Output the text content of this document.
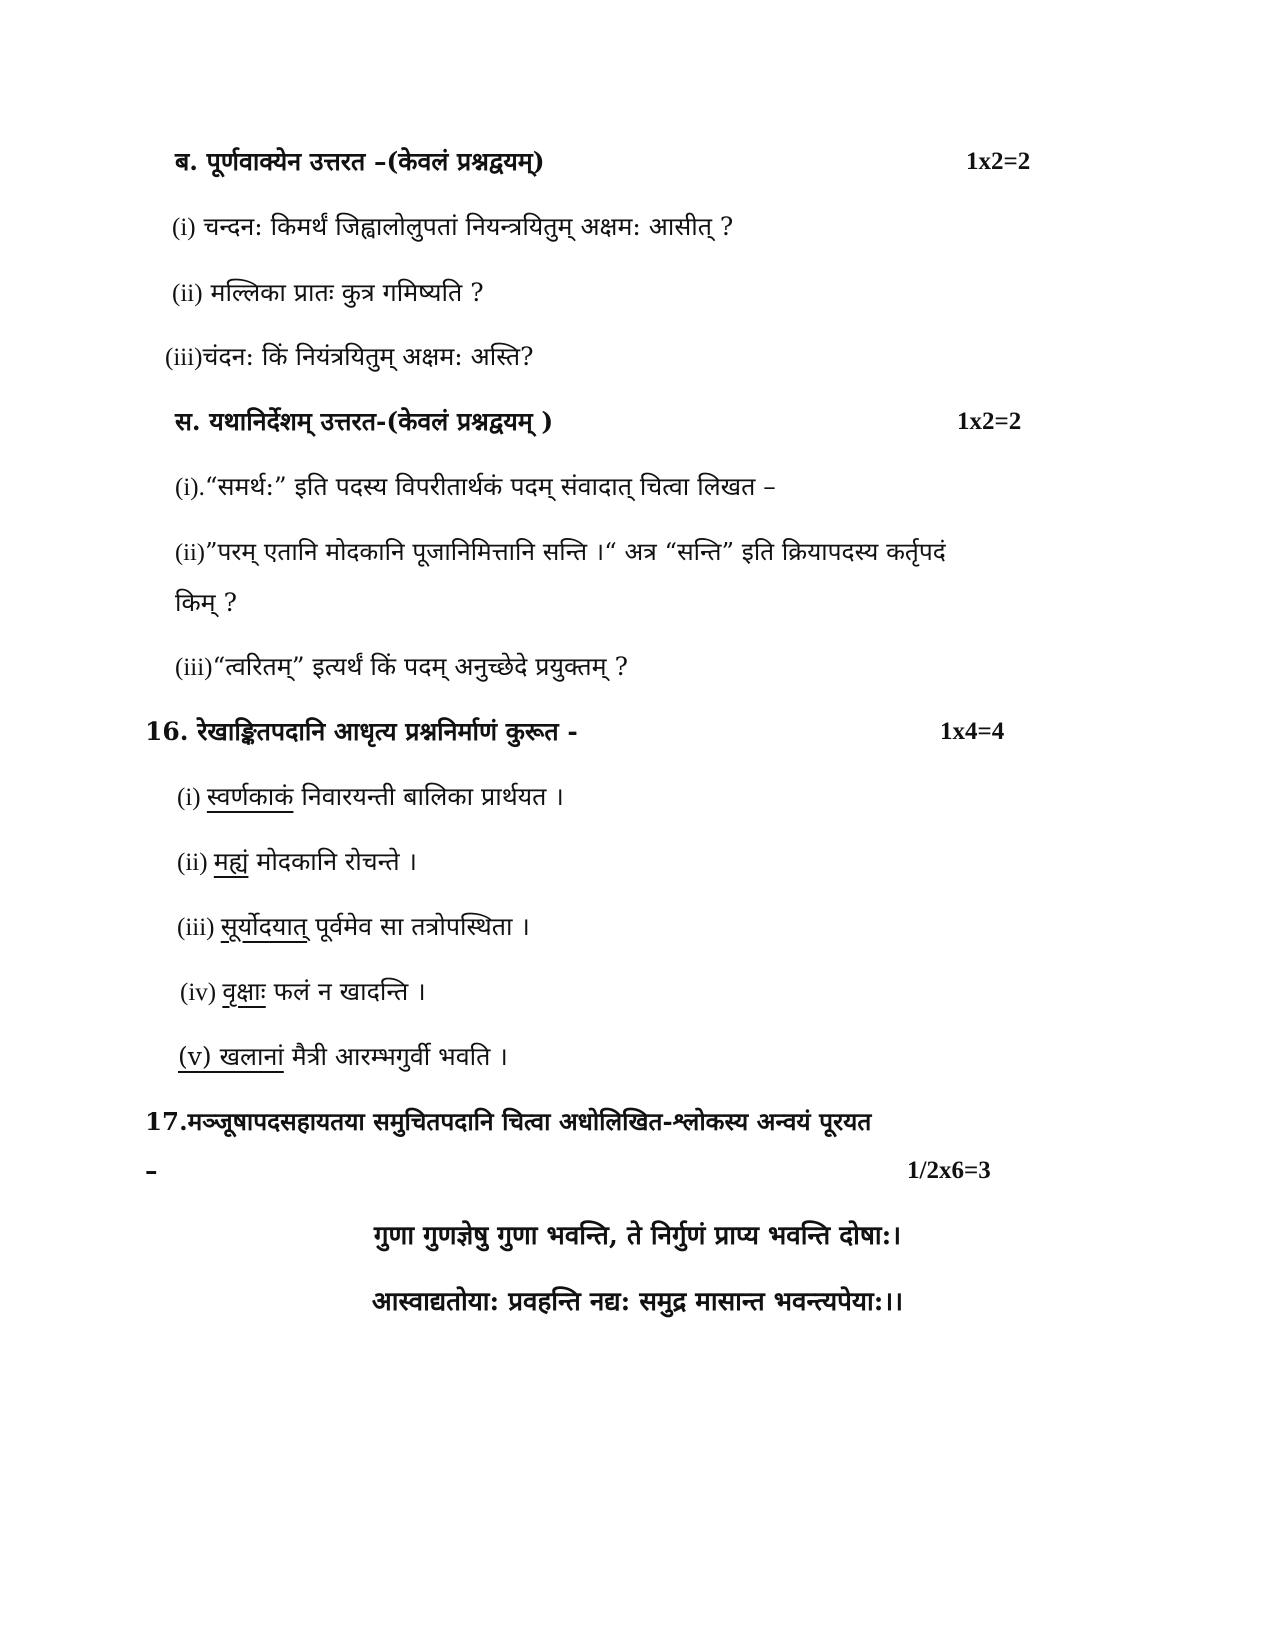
ब. पूर्णवाक्येन उत्तरत –(केवलं प्रश्नद्वयम्)	1x2=2
(i) चन्दन: किमर्थं जिह्वालोलुपतां नियन्त्रयितुम् अक्षम: आसीत् ?
(ii) मल्लिका प्रातः कुत्र गमिष्यति ?
(iii)चंदन: किं नियंत्रयितुम् अक्षम: अस्ति?
स. यथानिर्देशम् उत्तरत-(केवलं प्रश्नद्वयम् )	1x2=2
(i).“समर्थ:” इति पदस्य विपरीतार्थकं पदम् संवादात् चित्वा लिखत –
(ii)”परम् एतानि मोदकानि पूजानिमित्तानि सन्ति ।“ अत्र “सन्ति” इति क्रियापदस्य कर्तृपदं
किम् ?
(iii)“त्वरितम्” इत्यर्थं किं पदम् अनुच्छेदे प्रयुक्तम् ?
16. रेखाङ्कितपदानि आधृत्य प्रश्ननिर्माणं कुरूत -	1x4=4
(i) स्वर्णकाकं निवारयन्ती बालिका प्रार्थयत ।
(ii) मह्यं मोदकानि रोचन्ते ।
(iii) सूर्योदयात् पूर्वमेव सा तत्रोपस्थिता ।
(iv) वृक्षाः फलं न खादन्ति ।
(v) खलानां मैत्री आरम्भगुर्वी भवति ।
17.मञ्जूषापदसहायतया समुचितपदानि चित्वा अधोलिखित-श्लोकस्य अन्वयं पूरयत
–	1/2x6=3
गुणा गुणज्ञेषु गुणा भवन्ति, ते निर्गुणं प्राप्य भवन्ति दोषा:।
आस्वाद्यतोया: प्रवहन्ति नद्य: समुद्र मासान्त भवन्त्यपेया:।।
